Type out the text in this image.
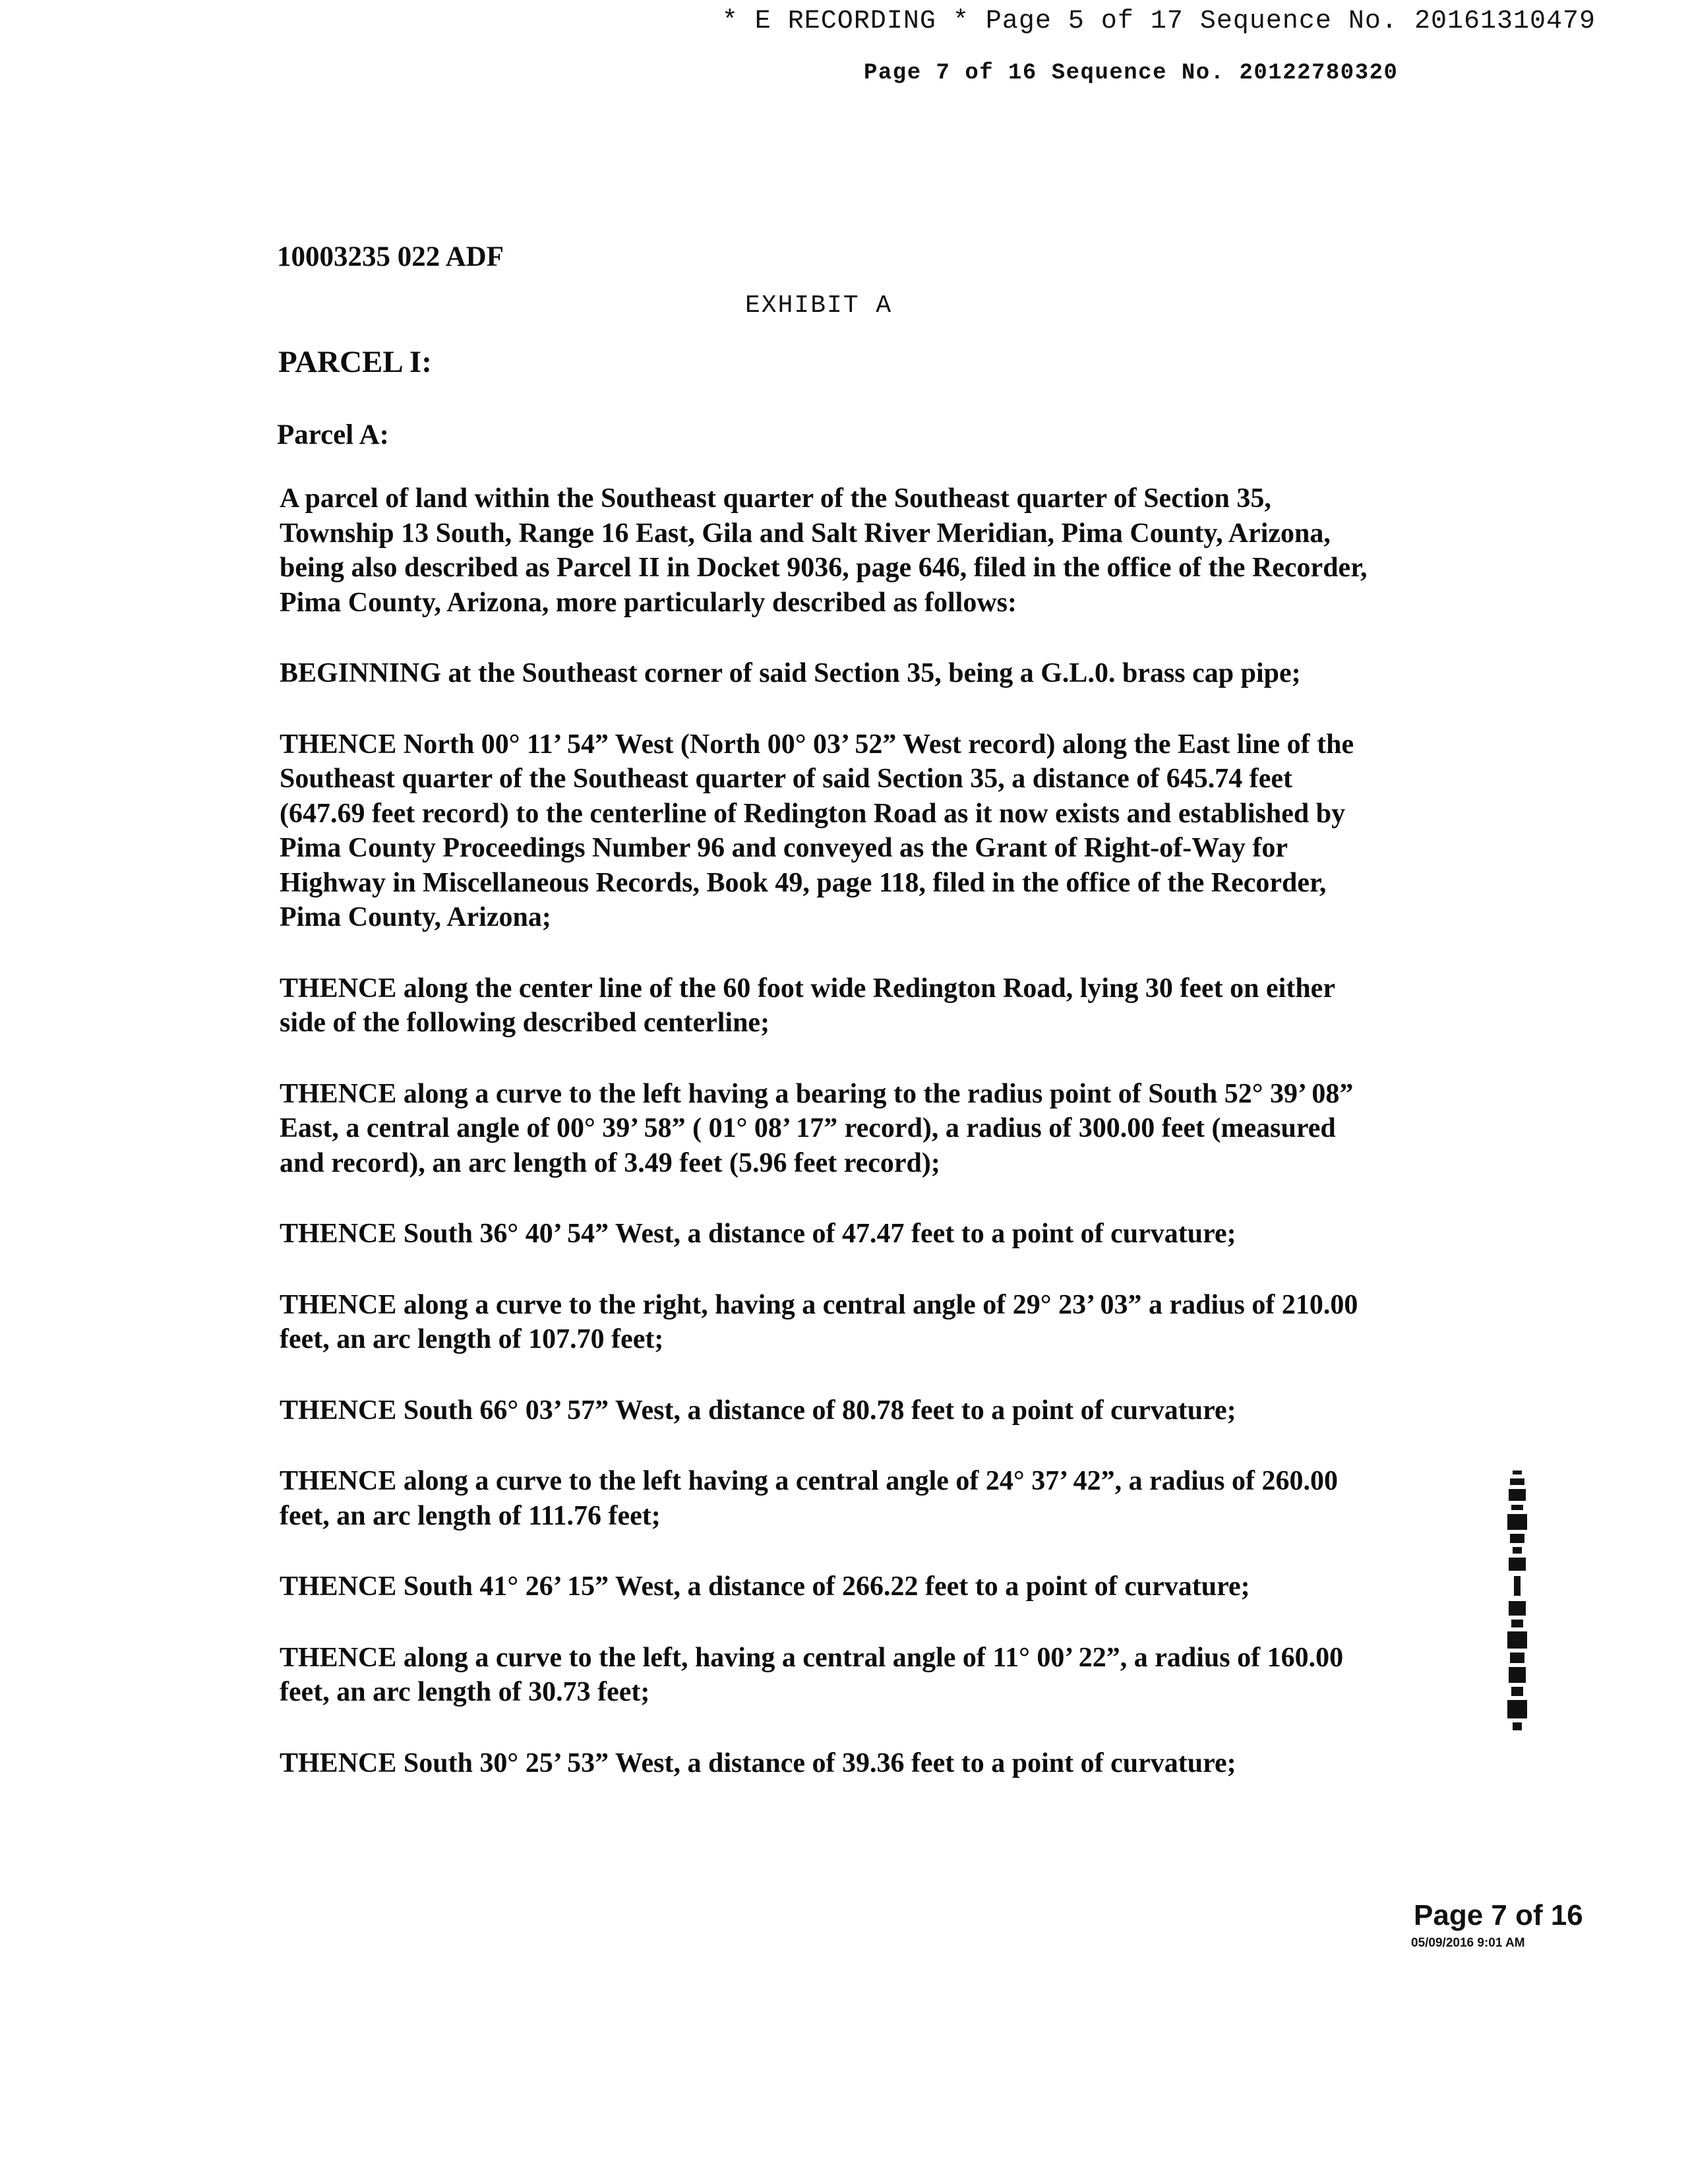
* E RECORDING * Page 5 of 17 Sequence No. 20161310479
Page 7 of 16 Sequence No. 20122780320
10003235 022 ADF
EXHIBIT A
PARCEL I:
Parcel A:

A parcel of land within the Southeast quarter of the Southeast quarter of Section 35, Township 13 South, Range 16 East, Gila and Salt River Meridian, Pima County, Arizona, being also described as Parcel II in Docket 9036, page 646, filed in the office of the Recorder, Pima County, Arizona, more particularly described as follows:

BEGINNING at the Southeast corner of said Section 35, being a G.L.0. brass cap pipe;

THENCE North 00° 11’ 54” West (North 00° 03’ 52” West record) along the East line of the Southeast quarter of the Southeast quarter of said Section 35, a distance of 645.74 feet (647.69 feet record) to the centerline of Redington Road as it now exists and established by Pima County Proceedings Number 96 and conveyed as the Grant of Right-of-Way for Highway in Miscellaneous Records, Book 49, page 118, filed in the office of the Recorder, Pima County, Arizona;

THENCE along the center line of the 60 foot wide Redington Road, lying 30 feet on either side of the following described centerline;

THENCE along a curve to the left having a bearing to the radius point of South 52° 39’ 08” East, a central angle of 00° 39’ 58” ( 01° 08’ 17” record), a radius of 300.00 feet (measured and record), an arc length of 3.49 feet (5.96 feet record);

THENCE South 36° 40’ 54” West, a distance of 47.47 feet to a point of curvature;

THENCE along a curve to the right, having a central angle of 29° 23’ 03” a radius of 210.00 feet, an arc length of 107.70 feet;

THENCE South 66° 03’ 57” West, a distance of 80.78 feet to a point of curvature;

THENCE along a curve to the left having a central angle of 24° 37’ 42”, a radius of 260.00 feet, an arc length of 111.76 feet;

THENCE South 41° 26’ 15” West, a distance of 266.22 feet to a point of curvature;

THENCE along a curve to the left, having a central angle of 11° 00’ 22”, a radius of 160.00 feet, an arc length of 30.73 feet;

THENCE South 30° 25’ 53” West, a distance of 39.36 feet to a point of curvature;

Page 7 of 16
05/09/2016 9:01 AM
